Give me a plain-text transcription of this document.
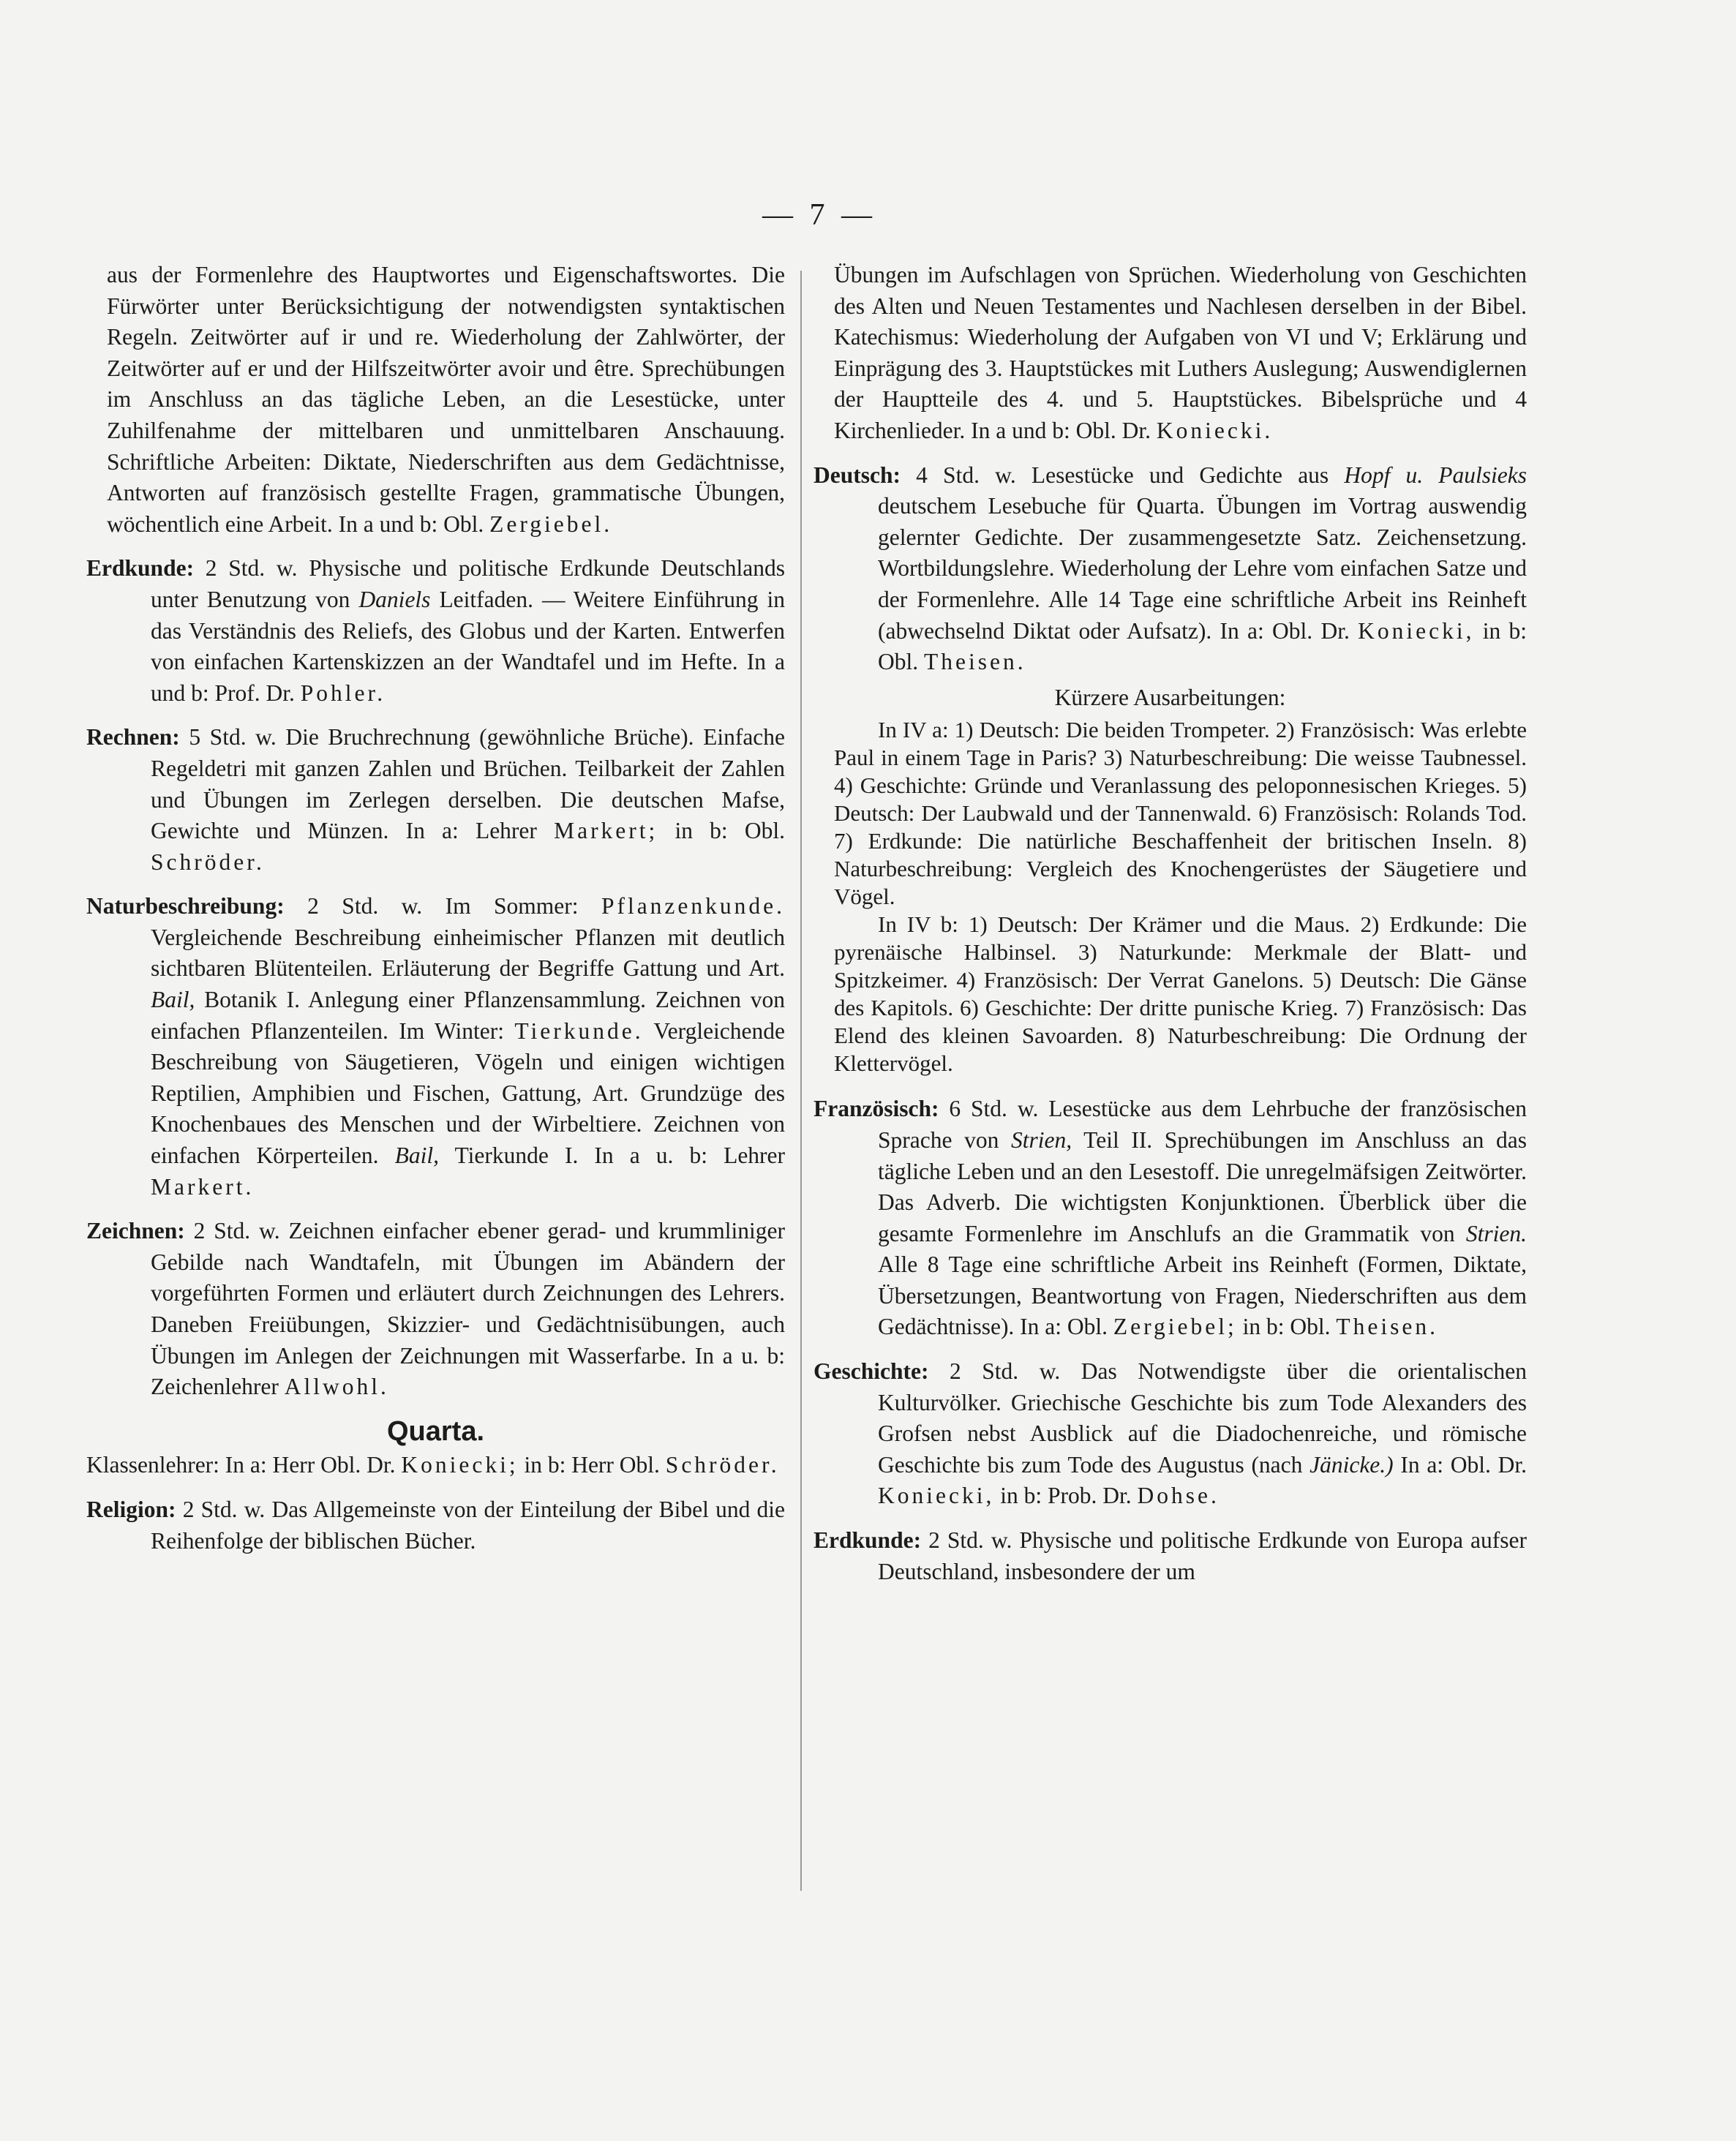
— 7 —

aus der Formenlehre des Hauptwortes und Eigenschaftswortes. Die Fürwörter unter Berücksichtigung der notwendigsten syntaktischen Regeln. Zeitwörter auf ir und re. Wiederholung der Zahlwörter, der Zeitwörter auf er und der Hilfszeitwörter avoir und être. Sprechübungen im Anschluss an das tägliche Leben, an die Lesestücke, unter Zuhilfenahme der mittelbaren und unmittelbaren Anschauung. Schriftliche Arbeiten: Diktate, Niederschriften aus dem Gedächtnisse, Antworten auf französisch gestellte Fragen, grammatische Übungen, wöchentlich eine Arbeit. In a und b: Obl. Zergiebel.

Erdkunde: 2 Std. w. Physische und politische Erdkunde Deutschlands unter Benutzung von Daniels Leitfaden. — Weitere Einführung in das Verständnis des Reliefs, des Globus und der Karten. Entwerfen von einfachen Kartenskizzen an der Wandtafel und im Hefte. In a und b: Prof. Dr. Pohler.

Rechnen: 5 Std. w. Die Bruchrechnung (gewöhnliche Brüche). Einfache Regeldetri mit ganzen Zahlen und Brüchen. Teilbarkeit der Zahlen und Übungen im Zerlegen derselben. Die deutschen Mafse, Gewichte und Münzen. In a: Lehrer Markert; in b: Obl. Schröder.

Naturbeschreibung: 2 Std. w. Im Sommer: Pflanzenkunde. Vergleichende Beschreibung einheimischer Pflanzen mit deutlich sichtbaren Blütenteilen. Erläuterung der Begriffe Gattung und Art. Bail, Botanik I. Anlegung einer Pflanzensammlung. Zeichnen von einfachen Pflanzenteilen. Im Winter: Tierkunde. Vergleichende Beschreibung von Säugetieren, Vögeln und einigen wichtigen Reptilien, Amphibien und Fischen, Gattung, Art. Grundzüge des Knochenbaues des Menschen und der Wirbeltiere. Zeichnen von einfachen Körperteilen. Bail, Tierkunde I. In a u. b: Lehrer Markert.

Zeichnen: 2 Std. w. Zeichnen einfacher ebener gerad- und krummliniger Gebilde nach Wandtafeln, mit Übungen im Abändern der vorgeführten Formen und erläutert durch Zeichnungen des Lehrers. Daneben Freiübungen, Skizzier- und Gedächtnisübungen, auch Übungen im Anlegen der Zeichnungen mit Wasserfarbe. In a u. b: Zeichenlehrer Allwohl.

Quarta.

Klassenlehrer: In a: Herr Obl. Dr. Koniecki; in b: Herr Obl. Schröder.

Religion: 2 Std. w. Das Allgemeinste von der Einteilung der Bibel und die Reihenfolge der biblischen Bücher.

Übungen im Aufschlagen von Sprüchen. Wiederholung von Geschichten des Alten und Neuen Testamentes und Nachlesen derselben in der Bibel. Katechismus: Wiederholung der Aufgaben von VI und V; Erklärung und Einprägung des 3. Hauptstückes mit Luthers Auslegung; Auswendiglernen der Hauptteile des 4. und 5. Hauptstückes. Bibelsprüche und 4 Kirchenlieder. In a und b: Obl. Dr. Koniecki.

Deutsch: 4 Std. w. Lesestücke und Gedichte aus Hopf u. Paulsieks deutschem Lesebuche für Quarta. Übungen im Vortrag auswendig gelernter Gedichte. Der zusammengesetzte Satz. Zeichensetzung. Wortbildungslehre. Wiederholung der Lehre vom einfachen Satze und der Formenlehre. Alle 14 Tage eine schriftliche Arbeit ins Reinheft (abwechselnd Diktat oder Aufsatz). In a: Obl. Dr. Koniecki, in b: Obl. Theisen.

Kürzere Ausarbeitungen:

In IV a: 1) Deutsch: Die beiden Trompeter. 2) Französisch: Was erlebte Paul in einem Tage in Paris? 3) Naturbeschreibung: Die weisse Taubnessel. 4) Geschichte: Gründe und Veranlassung des peloponnesischen Krieges. 5) Deutsch: Der Laubwald und der Tannenwald. 6) Französisch: Rolands Tod. 7) Erdkunde: Die natürliche Beschaffenheit der britischen Inseln. 8) Naturbeschreibung: Vergleich des Knochengerüstes der Säugetiere und Vögel.

In IV b: 1) Deutsch: Der Krämer und die Maus. 2) Erdkunde: Die pyrenäische Halbinsel. 3) Naturkunde: Merkmale der Blatt- und Spitzkeimer. 4) Französisch: Der Verrat Ganelons. 5) Deutsch: Die Gänse des Kapitols. 6) Geschichte: Der dritte punische Krieg. 7) Französisch: Das Elend des kleinen Savoarden. 8) Naturbeschreibung: Die Ordnung der Klettervögel.

Französisch: 6 Std. w. Lesestücke aus dem Lehrbuche der französischen Sprache von Strien, Teil II. Sprechübungen im Anschluss an das tägliche Leben und an den Lesestoff. Die unregelmäfsigen Zeitwörter. Das Adverb. Die wichtigsten Konjunktionen. Überblick über die gesamte Formenlehre im Anschlufs an die Grammatik von Strien. Alle 8 Tage eine schriftliche Arbeit ins Reinheft (Formen, Diktate, Übersetzungen, Beantwortung von Fragen, Niederschriften aus dem Gedächtnisse). In a: Obl. Zergiebel; in b: Obl. Theisen.

Geschichte: 2 Std. w. Das Notwendigste über die orientalischen Kulturvölker. Griechische Geschichte bis zum Tode Alexanders des Grofsen nebst Ausblick auf die Diadochenreiche, und römische Geschichte bis zum Tode des Augustus (nach Jänicke.) In a: Obl. Dr. Koniecki, in b: Prob. Dr. Dohse.

Erdkunde: 2 Std. w. Physische und politische Erdkunde von Europa aufser Deutschland, insbesondere der um
